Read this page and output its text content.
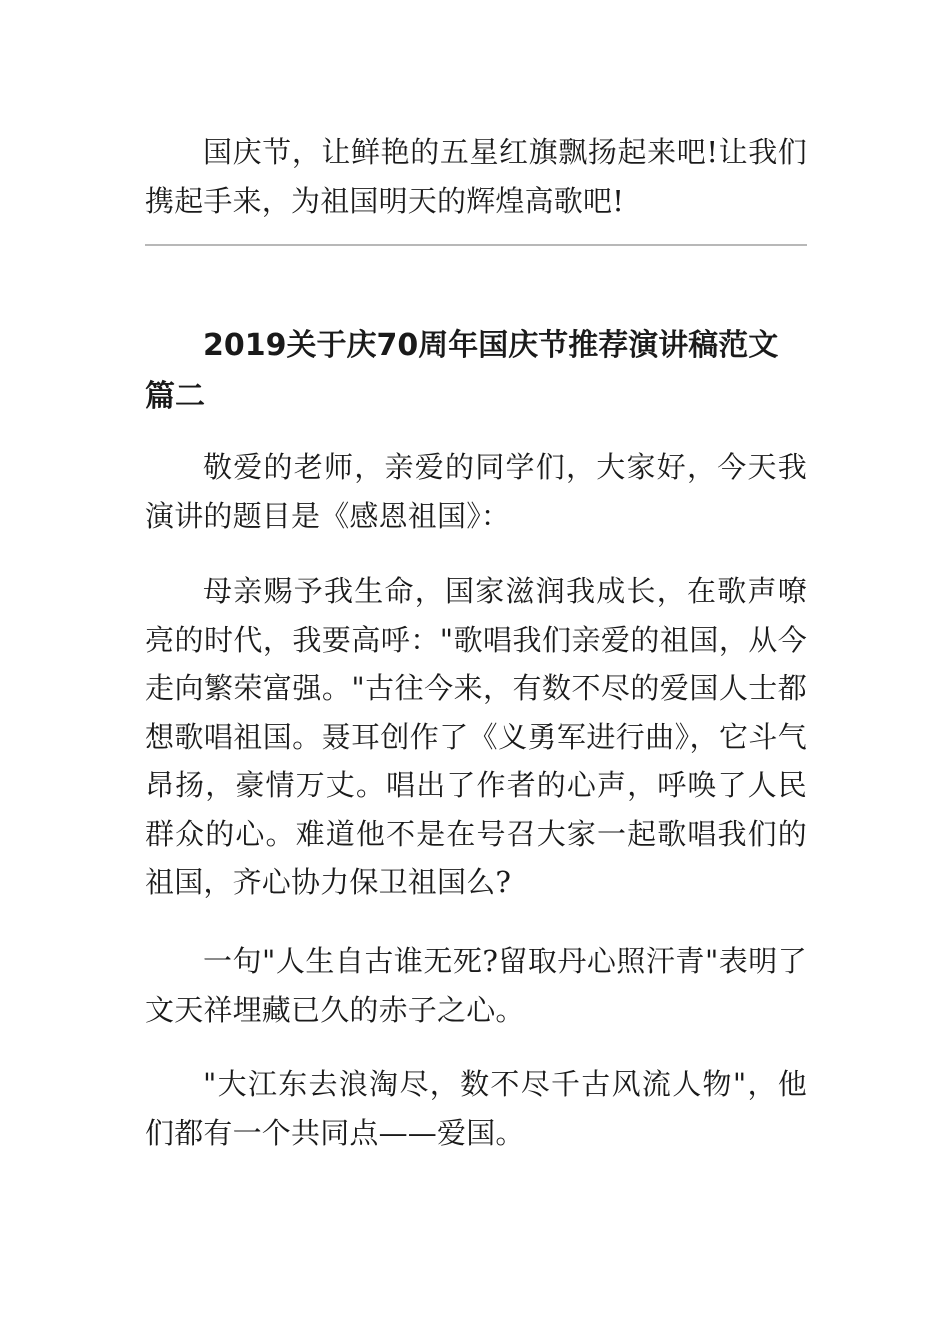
国庆节，让鲜艳的五星红旗飘扬起来吧!让我们携起手来，为祖国明天的辉煌高歌吧!

2019关于庆70周年国庆节推荐演讲稿范文篇二

敬爱的老师，亲爱的同学们，大家好，今天我演讲的题目是《感恩祖国》：

母亲赐予我生命，国家滋润我成长，在歌声嘹亮的时代，我要高呼："歌唱我们亲爱的祖国，从今走向繁荣富强。"古往今来，有数不尽的爱国人士都想歌唱祖国。聂耳创作了《义勇军进行曲》，它斗气昂扬，豪情万丈。唱出了作者的心声，呼唤了人民群众的心。难道他不是在号召大家一起歌唱我们的祖国，齐心协力保卫祖国么?

一句"人生自古谁无死?留取丹心照汗青"表明了文天祥埋藏已久的赤子之心。

"大江东去浪淘尽，数不尽千古风流人物"，他们都有一个共同点——爱国。
